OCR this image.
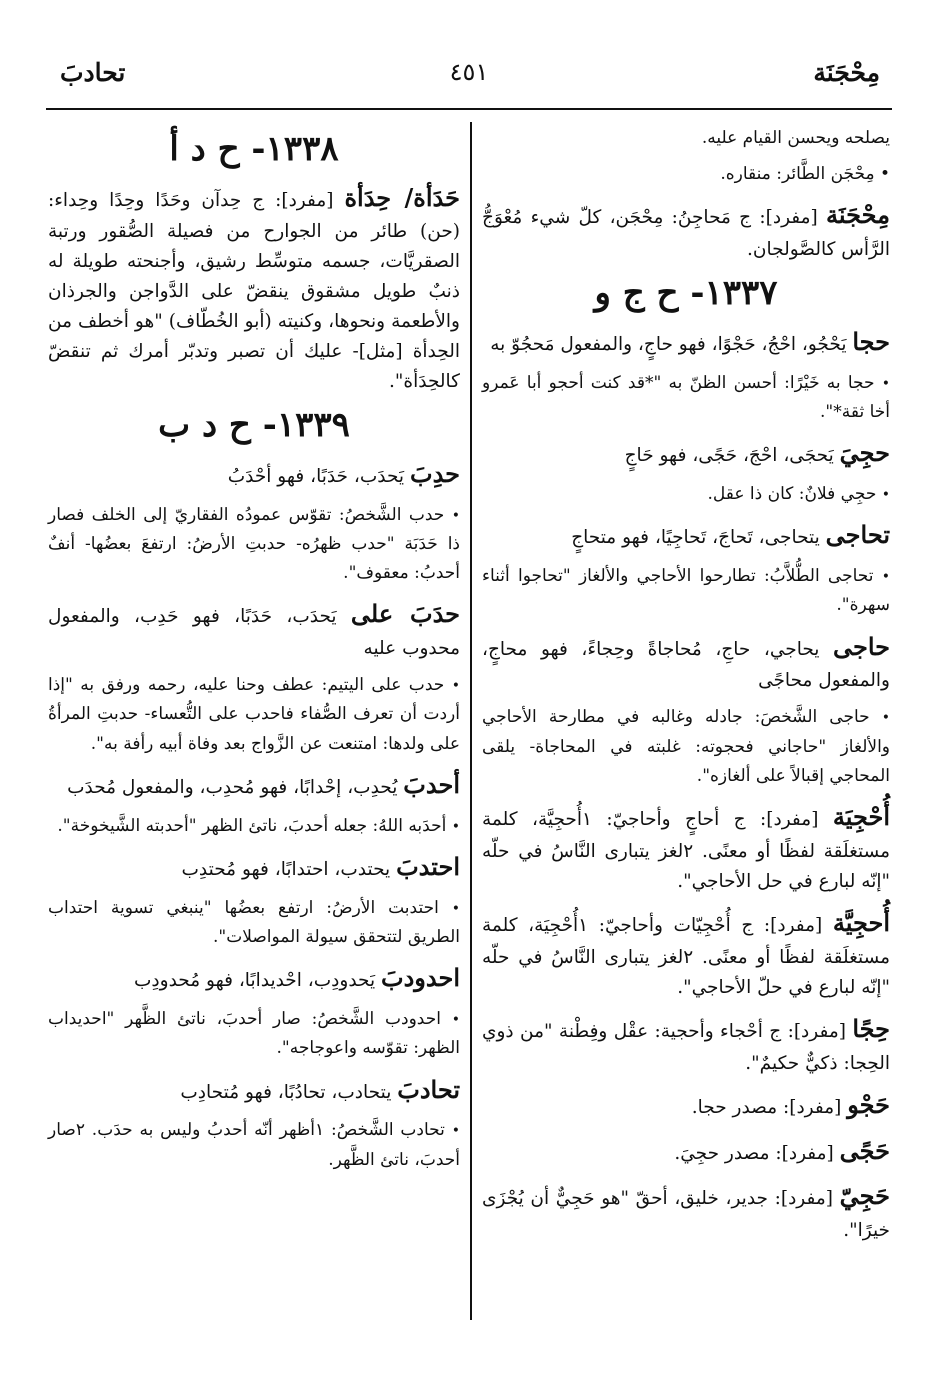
مِحْجَنَة
٤٥١
تحادبَ

يصلحه ويحسن القيام عليه.

• مِحْجَن الطَّائر: منقاره.

مِحْجَنَة [مفرد]: ج مَحاجِنُ: مِحْجَن، كلّ شيء مُعْوَجُّ الرَّأس كالصَّولجان.

١٣٣٧- ح ج و

حجا يَحْجُو، احْجُ، حَجْوًا، فهو حاجٍ، والمفعول مَحجُوّ به

• حجا به خَيْرًا: أحسن الظنّ به "*قد كنت أحجو أبا عَمرو أخا ثقة*".

حجِيَ يَحجَى، احْجَ، حَجًى، فهو حَاجٍ

• حجِي فلانٌ: كان ذا عقل.

تحاجى يتحاجى، تَحاجَ، تَحاجِيًا، فهو متحاجٍ

• تحاجى الطُّلاَّبُ: تطارحوا الأحاجي والألغاز "تحاجوا أثناء سهرة".

حاجى يحاجي، حاجِ، مُحاجاةً وحِجاءً، فهو محاجٍ، والمفعول محاجًى

• حاجى الشَّخصَ: جادله وغالبه في مطارحة الأحاجي والألغاز "حاجاني فحجوته: غلبته في المحاجاة- يلقى المحاجي إقبالاً على ألغازه".

أُحْجِيَة [مفرد]: ج أحاجٍ وأحاجيّ: ١أُحجِيَّة، كلمة مستغلَقة لفظًا أو معنًى. ٢لغز يتبارى النَّاسُ في حلّه "إنّه لبارع في حل الأحاجي".

أُحجِيَّة [مفرد]: ج أُحْجِيّات وأحاجيّ: ١أُحْجِيَة، كلمة مستغلَقة لفظًا أو معنًى. ٢لغز يتبارى النَّاسُ في حلّه "إنّه لبارع في حلّ الأحاجي".

حِجًا [مفرد]: ج أحْجاء وأحجية: عقْل وفِطْنة "من ذوي الحِجا: ذكيٌّ حكيمٌ".

حَجْو [مفرد]: مصدر حجا.

حَجًى [مفرد]: مصدر حجِيَ.

حَجِيّ [مفرد]: جدير، خليق، أحقّ "هو حَجِيٌّ أن يُجْزَى خيرًا".

١٣٣٨- ح د أ

حَدَأة/ حِدَأة [مفرد]: ج حِدآن وحَدًا وحِدًا وحِداء: (حن) طائر من الجوارح من فصيلة الصُّقور ورتبة الصقريَّات، جسمه متوسِّط رشيق، وأجنحته طويلة له ذنبٌ طويل مشقوق ينقضّ على الدَّواجن والجرذان والأطعمة ونحوها، وكنيته (أبو الخُطّاف) "هو أخطف من الحِدأة [مثل]- عليك أن تصبر وتدبّر أمرك ثم تنقضّ كالحِدَأة".

١٣٣٩- ح د ب

حدِبَ يَحدَب، حَدَبًا، فهو أحْدَبُ

• حدب الشَّخصُ: تقوّس عمودُه الفقاريّ إلى الخلف فصار ذا حَدَبَة "حدب ظهرُه- حدبتِ الأرضُ: ارتفعَ بعضُها- أنفٌ أحدبُ: معقوف".

حدَبَ على يَحدَب، حَدَبًا، فهو حَدِب، والمفعول محدوب عليه

• حدب على اليتيم: عطف وحنا عليه، رحمه ورفق به "إذا أردت أن تعرف الصُّفاء فاحدب على التُّعساء- حدبتِ المرأةُ على ولدها: امتنعت عن الزَّواج بعد وفاة أبيه رأفة به".

أحدبَ يُحدِب، إحْدابًا، فهو مُحدِب، والمفعول مُحدَب

• أحدَبه اللهُ: جعله أحدبَ، ناتئ الظهر "أحدبته الشَّيخوخة".

احتدبَ يحتدب، احتدابًا، فهو مُحتدِب

• احتدبت الأرضُ: ارتفع بعضُها "ينبغي تسوية احتداب الطريق لتتحقق سيولة المواصلات".

احدودبَ يَحدودِب، احْديدابًا، فهو مُحدودِب

• احدودب الشَّخصُ: صار أحدبَ، ناتئ الظَّهر "احديداب الظهر: تقوّسه واعوجاجه".

تحادبَ يتحادب، تحادُبًا، فهو مُتحادِب

• تحادب الشَّخصُ: ١أظهر أنّه أحدبُ وليس به حدَب. ٢صار أحدبَ، ناتئ الظَّهر.
